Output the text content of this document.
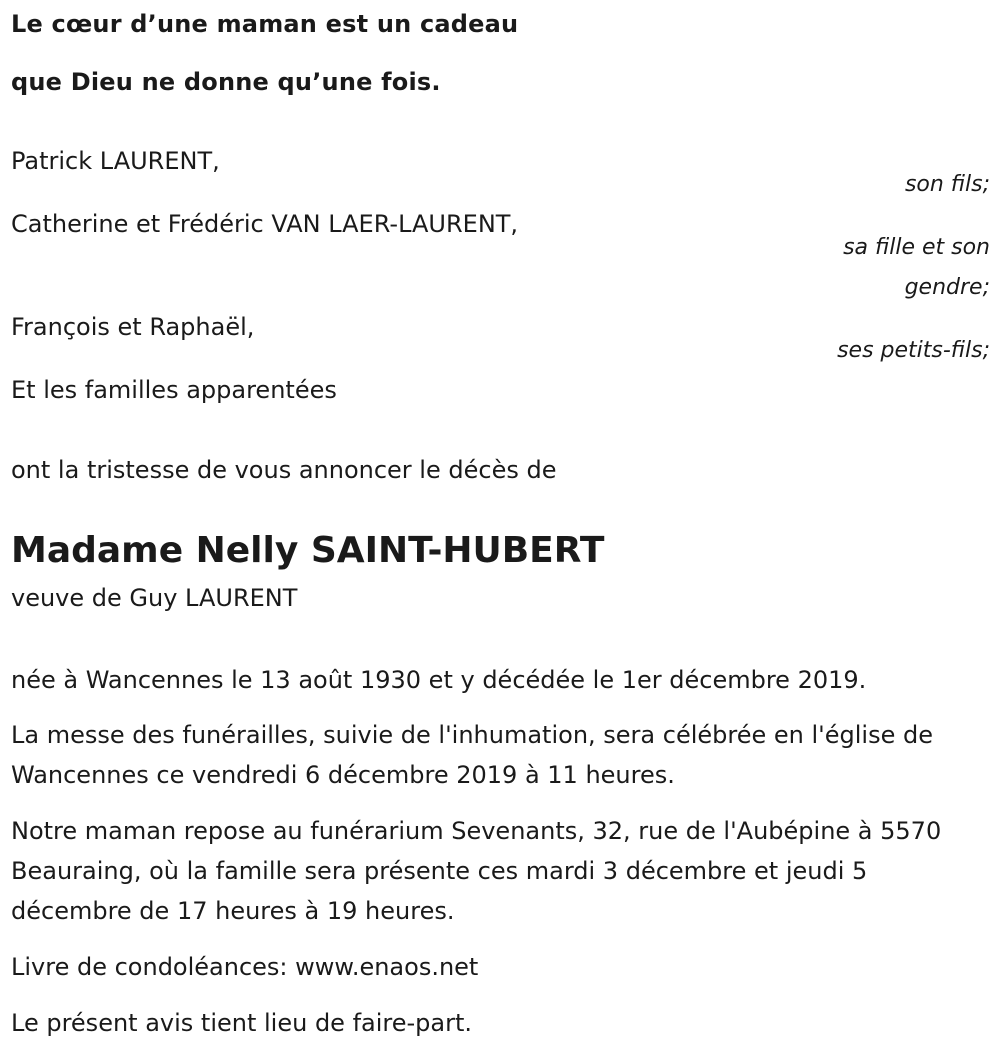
Le cœur d’une maman est un cadeau
que Dieu ne donne qu’une fois.
Patrick LAURENT,
son fils;
Catherine et Frédéric VAN LAER-LAURENT,
sa fille et son
gendre;
François et Raphaël,
ses petits-fils;
Et les familles apparentées
ont la tristesse de vous annoncer le décès de
Madame Nelly SAINT-HUBERT
veuve de Guy LAURENT
née à Wancennes le 13 août 1930 et y décédée le 1er décembre 2019.
La messe des funérailles, suivie de l'inhumation, sera célébrée en l'église de Wancennes ce vendredi 6 décembre 2019 à 11 heures.
Notre maman repose au funérarium Sevenants, 32, rue de l'Aubépine à 5570 Beauraing, où la famille sera présente ces mardi 3 décembre et jeudi 5 décembre de 17 heures à 19 heures.
Livre de condoléances: www.enaos.net
Le présent avis tient lieu de faire-part.
